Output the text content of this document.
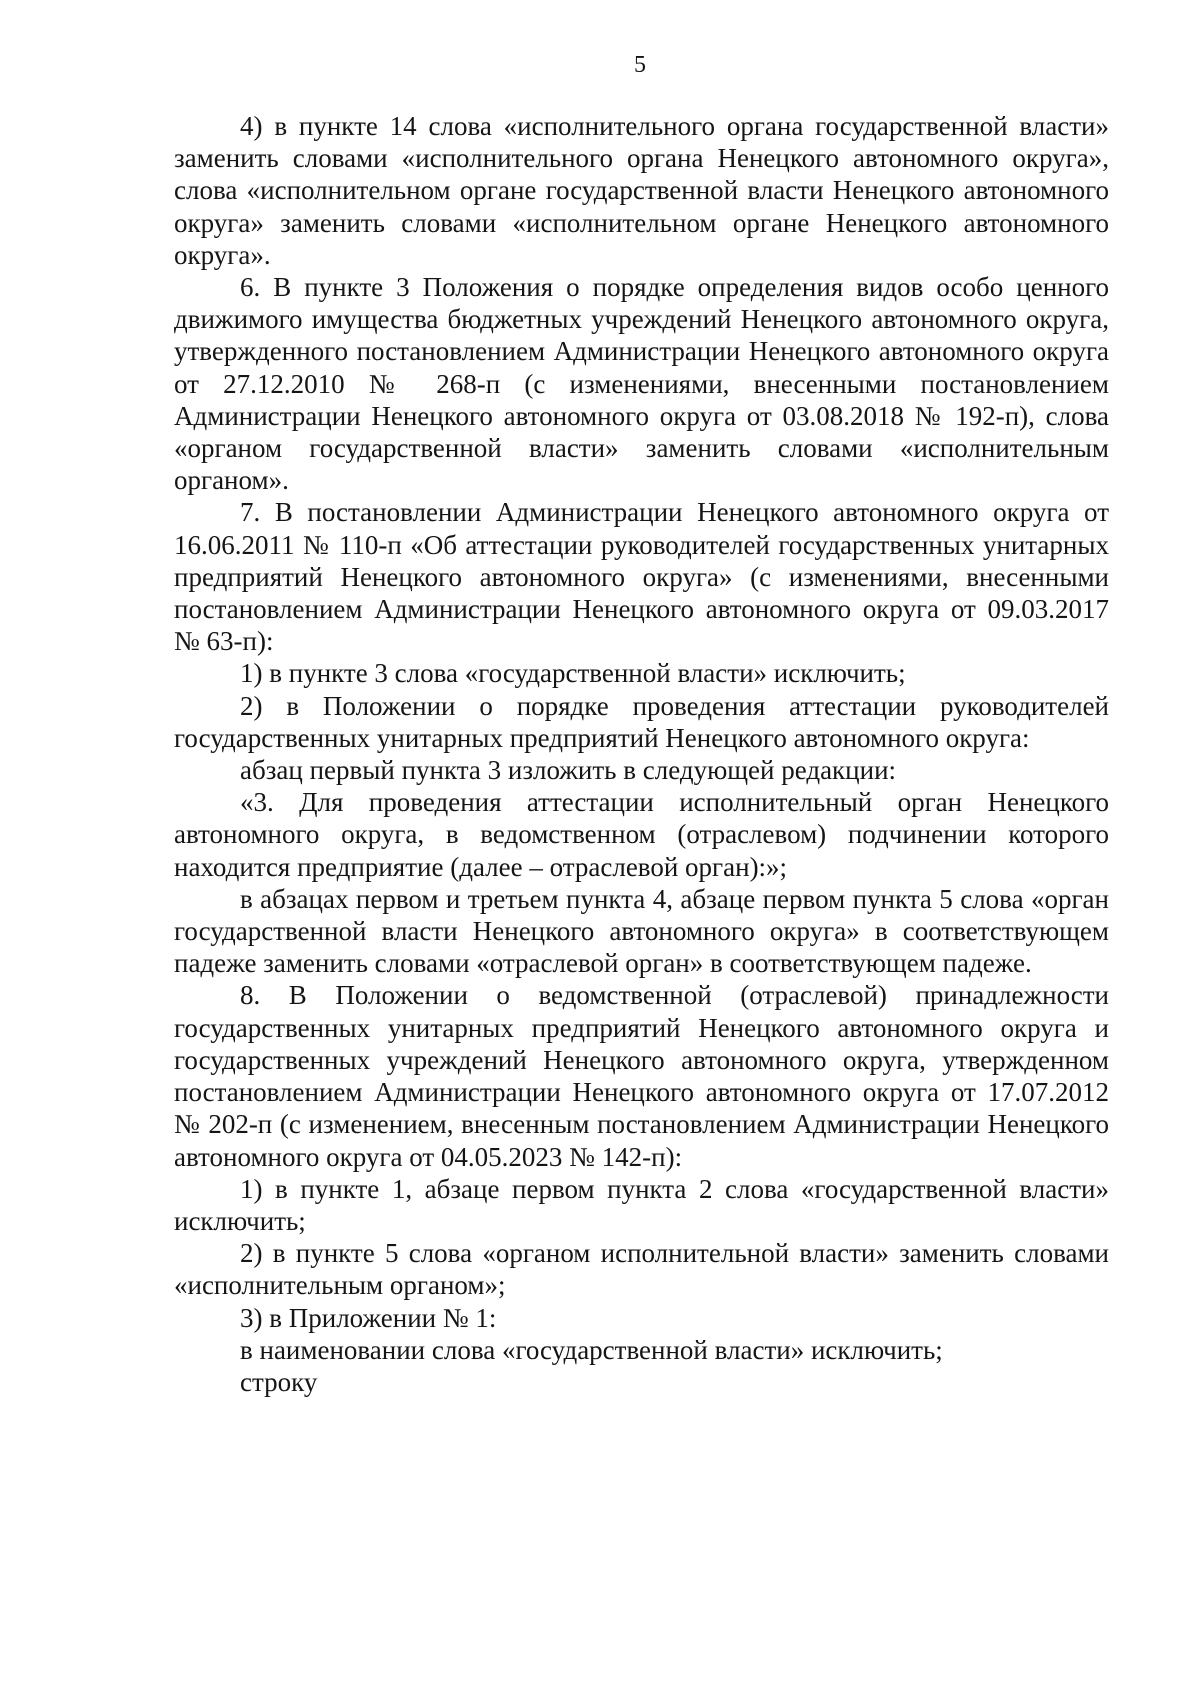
5

4) в пункте 14 слова «исполнительного органа государственной власти» заменить словами «исполнительного органа Ненецкого автономного округа», слова «исполнительном органе государственной власти Ненецкого автономного округа» заменить словами «исполнительном органе Ненецкого автономного округа».

6. В пункте 3 Положения о порядке определения видов особо ценного движимого имущества бюджетных учреждений Ненецкого автономного округа, утвержденного постановлением Администрации Ненецкого автономного округа от 27.12.2010 № 268-п (с изменениями, внесенными постановлением Администрации Ненецкого автономного округа от 03.08.2018 № 192-п), слова «органом государственной власти» заменить словами «исполнительным органом».

7. В постановлении Администрации Ненецкого автономного округа от 16.06.2011 № 110-п «Об аттестации руководителей государственных унитарных предприятий Ненецкого автономного округа» (с изменениями, внесенными постановлением Администрации Ненецкого автономного округа от 09.03.2017 № 63-п):

1) в пункте 3 слова «государственной власти» исключить;

2) в Положении о порядке проведения аттестации руководителей государственных унитарных предприятий Ненецкого автономного округа:

абзац первый пункта 3 изложить в следующей редакции:

«3. Для проведения аттестации исполнительный орган Ненецкого автономного округа, в ведомственном (отраслевом) подчинении которого находится предприятие (далее – отраслевой орган):»;

в абзацах первом и третьем пункта 4, абзаце первом пункта 5 слова «орган государственной власти Ненецкого автономного округа» в соответствующем падеже заменить словами «отраслевой орган» в соответствующем падеже.

8. В Положении о ведомственной (отраслевой) принадлежности государственных унитарных предприятий Ненецкого автономного округа и государственных учреждений Ненецкого автономного округа, утвержденном постановлением Администрации Ненецкого автономного округа от 17.07.2012 № 202-п (с изменением, внесенным постановлением Администрации Ненецкого автономного округа от 04.05.2023 № 142-п):

1) в пункте 1, абзаце первом пункта 2 слова «государственной власти» исключить;

2) в пункте 5 слова «органом исполнительной власти» заменить словами «исполнительным органом»;

3) в Приложении № 1:

в наименовании слова «государственной власти» исключить;

строку
